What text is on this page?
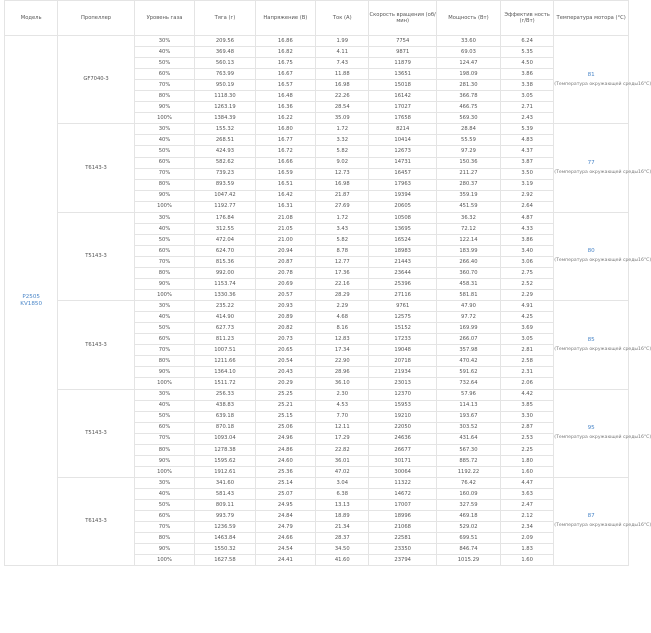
Модель	Пропеллер	Уровень газа	Тяга (г)	Напряжение (В)	Ток (А)	Скорость вращения (об/мин)	Мощность (Вт)	Эффектив ность (г/Вт)	Температура мотора (°C)
P2505
KV1850	GF7040-3	30%	209.56	16.86	1.99	7754	33.60	6.24	81
(Температура окружающей среды16°C)

		40%	369.48	16.82	4.11	9871	69.03	5.35	
		50%	560.13	16.75	7.43	11879	124.47	4.50	
		60%	763.99	16.67	11.88	13651	198.09	3.86	
		70%	950.19	16.57	16.98	15018	281.30	3.38	
		80%	1118.30	16.48	22.26	16142	366.78	3.05	
		90%	1263.19	16.36	28.54	17027	466.75	2.71	
		100%	1384.39	16.22	35.09	17658	569.30	2.43	
	T6143-3	30%	155.32	16.80	1.72	8214	28.84	5.39	77
(Температура окружающей среды16°C)

		40%	268.51	16.77	3.32	10414	55.59	4.83	
		50%	424.93	16.72	5.82	12673	97.29	4.37	
		60%	582.62	16.66	9.02	14731	150.36	3.87	
		70%	739.23	16.59	12.73	16457	211.27	3.50	
		80%	893.59	16.51	16.98	17963	280.37	3.19	
		90%	1047.42	16.42	21.87	19394	359.19	2.92	
		100%	1192.77	16.31	27.69	20605	451.59	2.64	
	T5143-3	30%	176.84	21.08	1.72	10508	36.32	4.87	80
(Температура окружающей среды16°C)

		40%	312.55	21.05	3.43	13695	72.12	4.33	
		50%	472.04	21.00	5.82	16524	122.14	3.86	
		60%	624.70	20.94	8.78	18983	183.99	3.40	
		70%	815.36	20.87	12.77	21443	266.40	3.06	
		80%	992.00	20.78	17.36	23644	360.70	2.75	
		90%	1153.74	20.69	22.16	25396	458.31	2.52	
		100%	1330.36	20.57	28.29	27116	581.81	2.29	
	T6143-3	30%	235.22	20.93	2.29	9761	47.90	4.91	85
(Температура окружающей среды16°C)

		40%	414.90	20.89	4.68	12575	97.72	4.25	
		50%	627.73	20.82	8.16	15152	169.99	3.69	
		60%	811.23	20.73	12.83	17233	266.07	3.05	
		70%	1007.51	20.65	17.34	19048	357.98	2.81	
		80%	1211.66	20.54	22.90	20718	470.42	2.58	
		90%	1364.10	20.43	28.96	21934	591.62	2.31	
		100%	1511.72	20.29	36.10	23013	732.64	2.06	
	T5143-3	30%	256.33	25.25	2.30	12370	57.96	4.42	95
(Температура окружающей среды16°C)

		40%	438.83	25.21	4.53	15953	114.13	3.85	
		50%	639.18	25.15	7.70	19210	193.67	3.30	
		60%	870.18	25.06	12.11	22050	303.52	2.87	
		70%	1093.04	24.96	17.29	24636	431.64	2.53	
		80%	1278.38	24.86	22.82	26677	567.30	2.25	
		90%	1595.62	24.60	36.01	30171	885.72	1.80	
		100%	1912.61	25.36	47.02	30064	1192.22	1.60	
	T6143-3	30%	341.60	25.14	3.04	11322	76.42	4.47	87
(Температура окружающей среды16°C)

		40%	581.43	25.07	6.38	14672	160.09	3.63	
		50%	809.11	24.95	13.13	17007	327.59	2.47	
		60%	993.79	24.84	18.89	18996	469.18	2.12	
		70%	1236.59	24.79	21.34	21068	529.02	2.34	
		80%	1463.84	24.66	28.37	22581	699.51	2.09	
		90%	1550.32	24.54	34.50	23350	846.74	1.83	
		100%	1627.58	24.41	41.60	23794	1015.29	1.60	
